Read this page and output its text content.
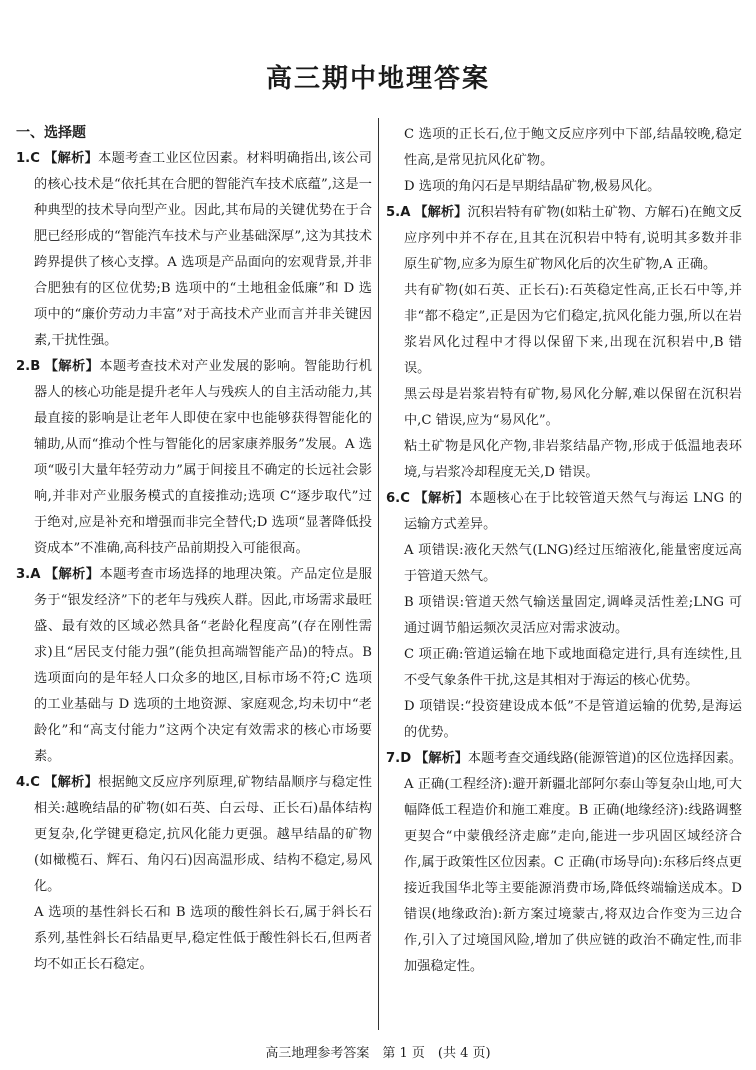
高三期中地理答案
一、选择题

1.C 【解析】本题考查工业区位因素。材料明确指出,该公司的核心技术是“依托其在合肥的智能汽车技术底蕴”,这是一种典型的技术导向型产业。因此,其布局的关键优势在于合肥已经形成的“智能汽车技术与产业基础深厚”,这为其技术跨界提供了核心支撑。A 选项是产品面向的宏观背景,并非合肥独有的区位优势;B 选项中的“土地租金低廉”和 D 选项中的“廉价劳动力丰富”对于高技术产业而言并非关键因素,干扰性强。

2.B 【解析】本题考查技术对产业发展的影响。智能助行机器人的核心功能是提升老年人与残疾人的自主活动能力,其最直接的影响是让老年人即使在家中也能够获得智能化的辅助,从而“推动个性与智能化的居家康养服务”发展。A 选项“吸引大量年轻劳动力”属于间接且不确定的长远社会影响,并非对产业服务模式的直接推动;选项 C“逐步取代”过于绝对,应是补充和增强而非完全替代;D 选项“显著降低投资成本”不准确,高科技产品前期投入可能很高。

3.A 【解析】本题考查市场选择的地理决策。产品定位是服务于“银发经济”下的老年与残疾人群。因此,市场需求最旺盛、最有效的区域必然具备“老龄化程度高”(存在刚性需求)且“居民支付能力强”(能负担高端智能产品)的特点。B 选项面向的是年轻人口众多的地区,目标市场不符;C 选项的工业基础与 D 选项的土地资源、家庭观念,均未切中“老龄化”和“高支付能力”这两个决定有效需求的核心市场要素。

4.C 【解析】根据鲍文反应序列原理,矿物结晶顺序与稳定性相关:越晚结晶的矿物(如石英、白云母、正长石)晶体结构更复杂,化学键更稳定,抗风化能力更强。越早结晶的矿物(如橄榄石、辉石、角闪石)因高温形成、结构不稳定,易风化。

A 选项的基性斜长石和 B 选项的酸性斜长石,属于斜长石系列,基性斜长石结晶更早,稳定性低于酸性斜长石,但两者均不如正长石稳定。

C 选项的正长石,位于鲍文反应序列中下部,结晶较晚,稳定性高,是常见抗风化矿物。

D 选项的角闪石是早期结晶矿物,极易风化。

5.A 【解析】沉积岩特有矿物(如粘土矿物、方解石)在鲍文反应序列中并不存在,且其在沉积岩中特有,说明其多数并非原生矿物,应多为原生矿物风化后的次生矿物,A 正确。

共有矿物(如石英、正长石):石英稳定性高,正长石中等,并非“都不稳定”,正是因为它们稳定,抗风化能力强,所以在岩浆岩风化过程中才得以保留下来,出现在沉积岩中,B 错误。

黑云母是岩浆岩特有矿物,易风化分解,难以保留在沉积岩中,C 错误,应为“易风化”。

粘土矿物是风化产物,非岩浆结晶产物,形成于低温地表环境,与岩浆冷却程度无关,D 错误。

6.C 【解析】本题核心在于比较管道天然气与海运 LNG 的运输方式差异。

A 项错误:液化天然气(LNG)经过压缩液化,能量密度远高于管道天然气。

B 项错误:管道天然气输送量固定,调峰灵活性差;LNG 可通过调节船运频次灵活应对需求波动。

C 项正确:管道运输在地下或地面稳定进行,具有连续性,且不受气象条件干扰,这是其相对于海运的核心优势。

D 项错误:“投资建设成本低”不是管道运输的优势,是海运的优势。

7.D 【解析】本题考查交通线路(能源管道)的区位选择因素。A 正确(工程经济):避开新疆北部阿尔泰山等复杂山地,可大幅降低工程造价和施工难度。B 正确(地缘经济):线路调整更契合“中蒙俄经济走廊”走向,能进一步巩固区域经济合作,属于政策性区位因素。C 正确(市场导向):东移后终点更接近我国华北等主要能源消费市场,降低终端输送成本。D 错误(地缘政治):新方案过境蒙古,将双边合作变为三边合作,引入了过境国风险,增加了供应链的政治不确定性,而非加强稳定性。

高三地理参考答案　第 1 页　(共 4 页)
